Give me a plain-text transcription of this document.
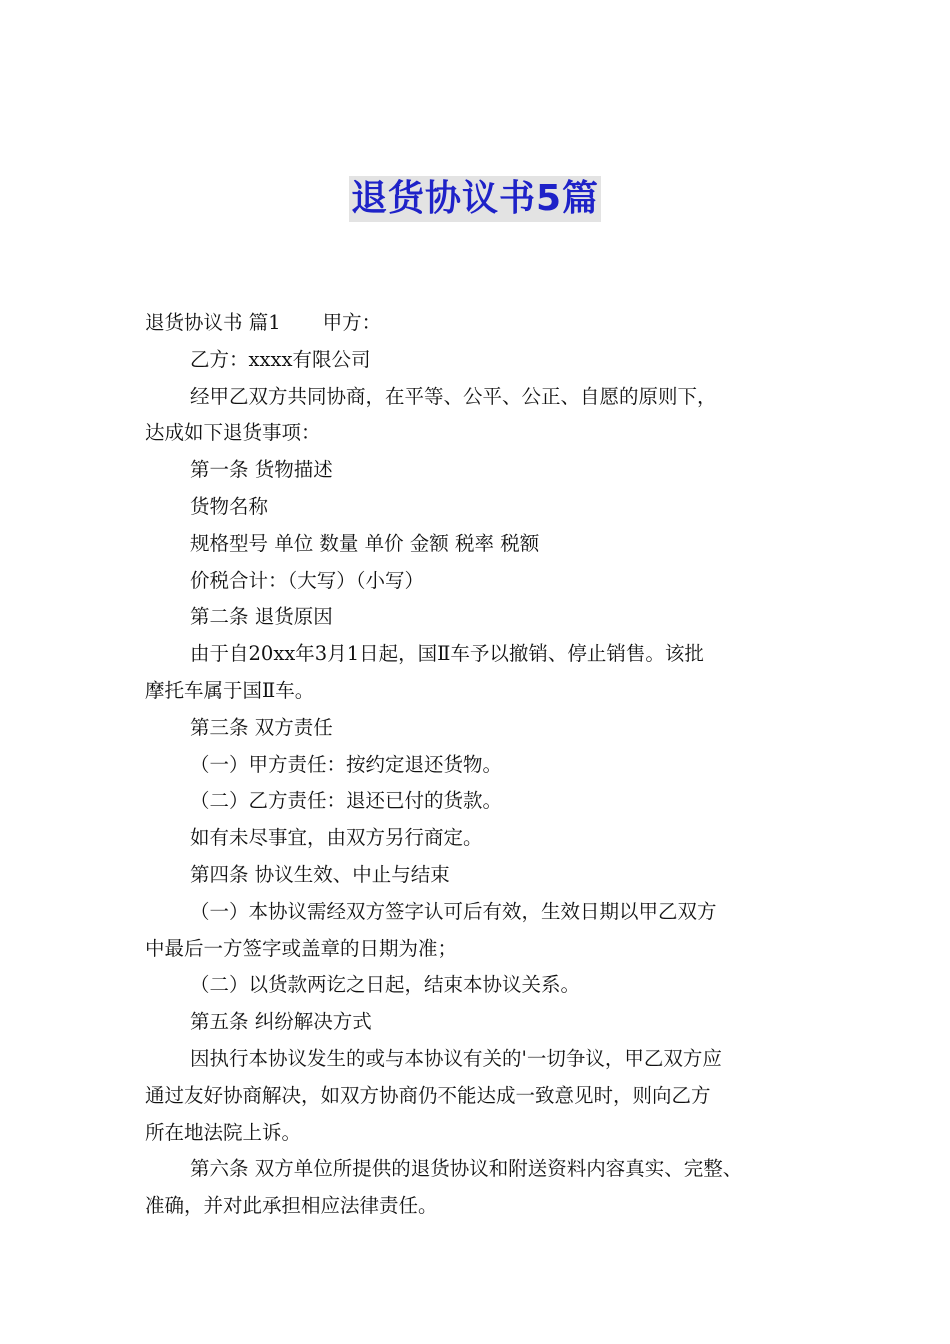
退货协议书5篇

退货协议书 篇1 甲方：

乙方：xxxx有限公司

经甲乙双方共同协商，在平等、公平、公正、自愿的原则下，

达成如下退货事项：

第一条 货物描述

货物名称

规格型号 单位 数量 单价 金额 税率 税额

价税合计：（大写）（小写）

第二条 退货原因

由于自20xx年3月1日起，国Ⅱ车予以撤销、停止销售。该批

摩托车属于国Ⅱ车。

第三条 双方责任

（一）甲方责任：按约定退还货物。

（二）乙方责任：退还已付的货款。

如有未尽事宜，由双方另行商定。

第四条 协议生效、中止与结束

（一）本协议需经双方签字认可后有效，生效日期以甲乙双方

中最后一方签字或盖章的日期为准；

（二）以货款两讫之日起，结束本协议关系。

第五条 纠纷解决方式

因执行本协议发生的或与本协议有关的'一切争议，甲乙双方应

通过友好协商解决，如双方协商仍不能达成一致意见时，则向乙方

所在地法院上诉。

第六条 双方单位所提供的退货协议和附送资料内容真实、完整、

准确，并对此承担相应法律责任。
